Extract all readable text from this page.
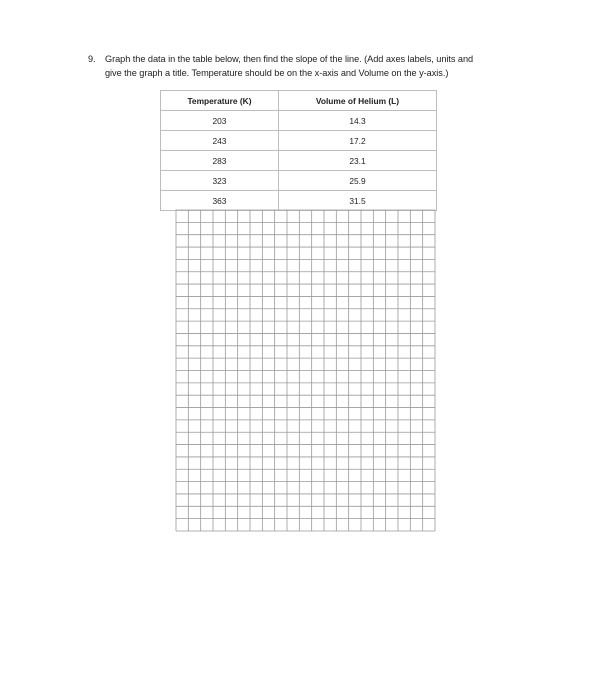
9. Graph the data in the table below, then find the slope of the line. (Add axes labels, units and
give the graph a title. Temperature should be on the x-axis and Volume on the y-axis.)
Temperature (K)	Volume of Helium (L)
203	14.3
243	17.2
283	23.1
323	25.9
363	31.5
